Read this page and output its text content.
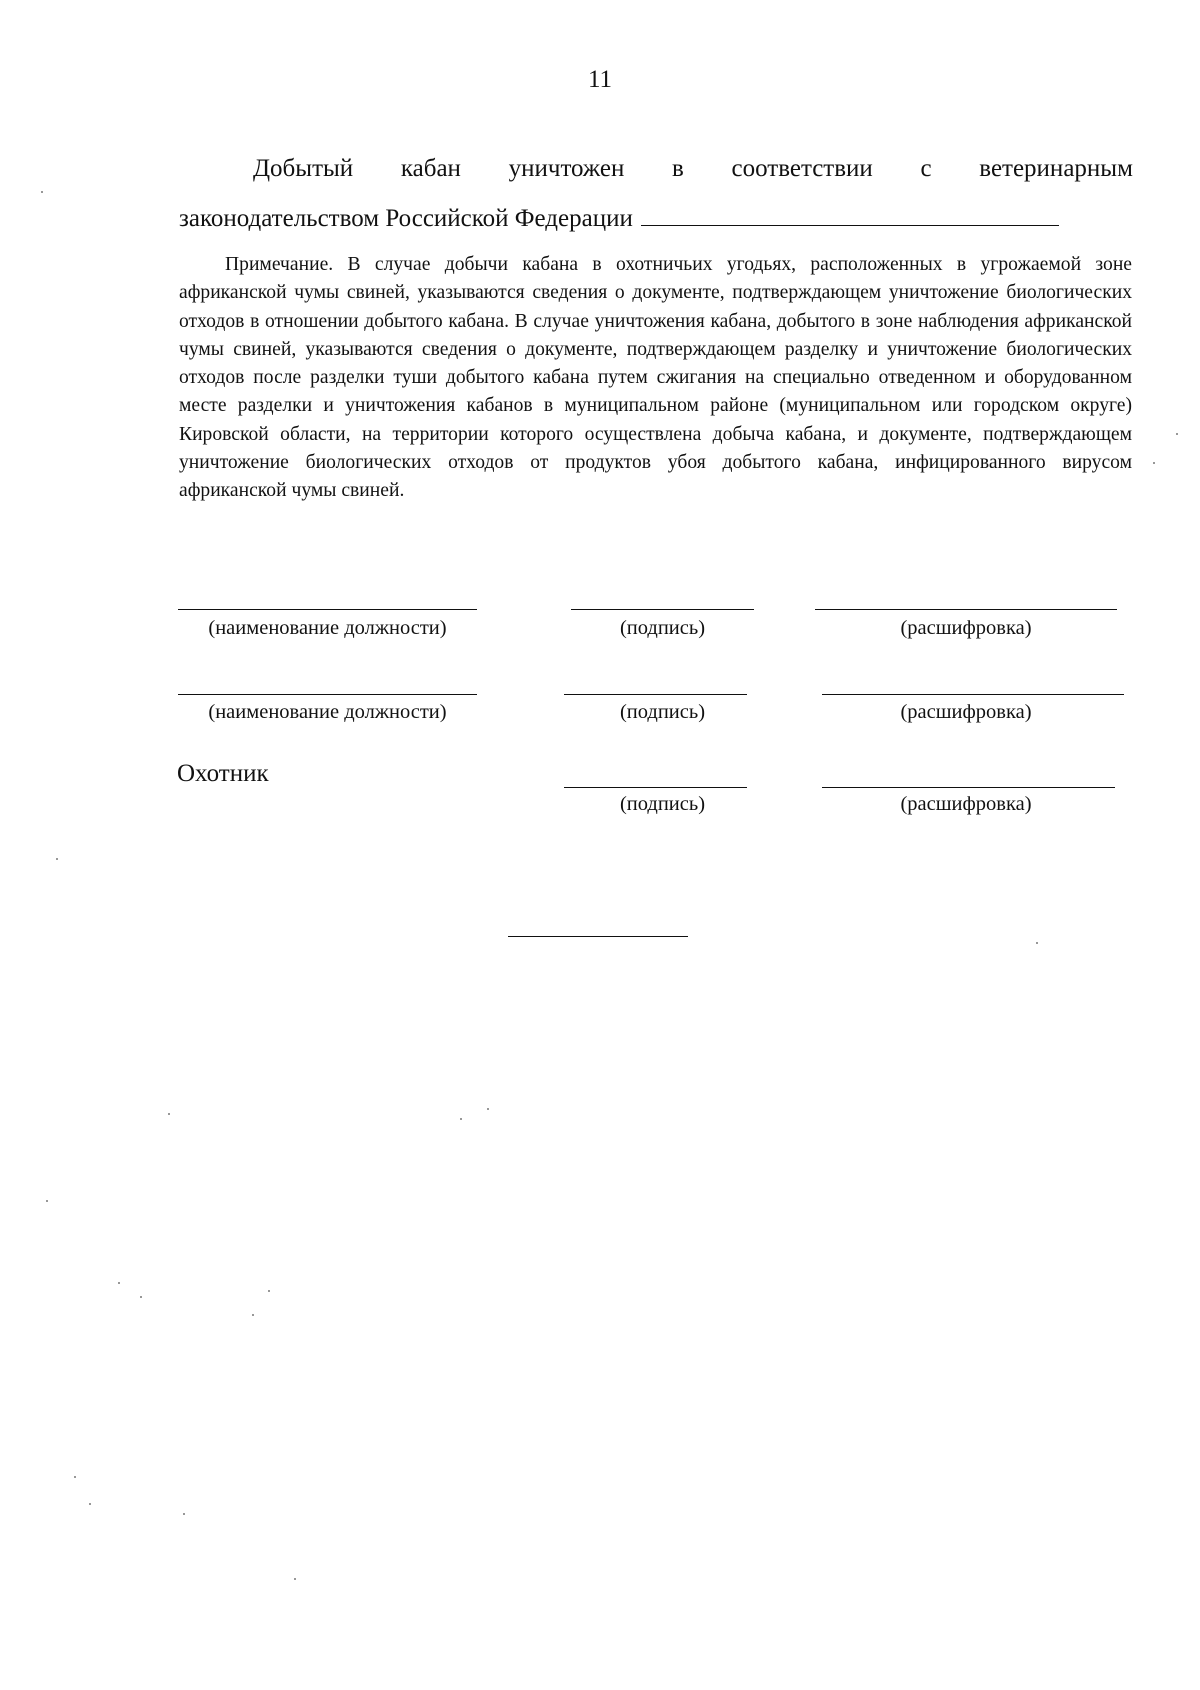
11
Добытый кабан уничтожен в соответствии с ветеринарным
законодательством Российской Федерации
Примечание. В случае добычи кабана в охотничьих угодьях, расположенных в угрожаемой зоне африканской чумы свиней, указываются сведения о документе, подтверждающем уничтожение биологических отходов в отношении добытого кабана. В случае уничтожения кабана, добытого в зоне наблюдения африканской чумы свиней, указываются сведения о документе, подтверждающем разделку и уничтожение биологических отходов после разделки туши добытого кабана путем сжигания на специально отведенном и оборудованном месте разделки и уничтожения кабанов в муниципальном районе (муниципальном или городском округе) Кировской области, на территории которого осуществлена добыча кабана, и документе, подтверждающем уничтожение биологических отходов от продуктов убоя добытого кабана, инфицированного вирусом африканской чумы свиней.
(наименование должности)	(подпись)	(расшифровка)
(наименование должности)	(подпись)	(расшифровка)
Охотник
(подпись)	(расшифровка)
